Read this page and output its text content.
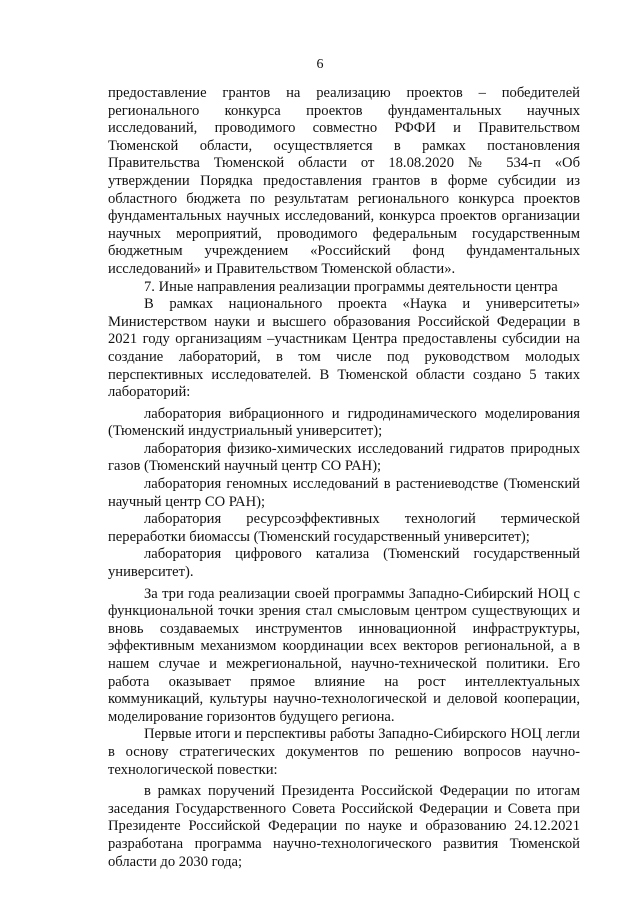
6

предоставление грантов на реализацию проектов – победителей регионального конкурса проектов фундаментальных научных исследований, проводимого совместно РФФИ и Правительством Тюменской области, осуществляется в рамках постановления Правительства Тюменской области от 18.08.2020 № 534-п «Об утверждении Порядка предоставления грантов в форме субсидии из областного бюджета по результатам регионального конкурса проектов фундаментальных научных исследований, конкурса проектов организации научных мероприятий, проводимого федеральным государственным бюджетным учреждением «Российский фонд фундаментальных исследований» и Правительством Тюменской области».

7. Иные направления реализации программы деятельности центра

В рамках национального проекта «Наука и университеты» Министерством науки и высшего образования Российской Федерации в 2021 году организациям –участникам Центра предоставлены субсидии на создание лабораторий, в том числе под руководством молодых перспективных исследователей. В Тюменской области создано 5 таких лабораторий:

лаборатория вибрационного и гидродинамического моделирования (Тюменский индустриальный университет);

лаборатория физико-химических исследований гидратов природных газов (Тюменский научный центр СО РАН);

лаборатория геномных исследований в растениеводстве (Тюменский научный центр СО РАН);

лаборатория ресурсоэффективных технологий термической переработки биомассы (Тюменский государственный университет);

лаборатория цифрового катализа (Тюменский государственный университет).

За три года реализации своей программы Западно-Сибирский НОЦ с функциональной точки зрения стал смысловым центром существующих и вновь создаваемых инструментов инновационной инфраструктуры, эффективным механизмом координации всех векторов региональной, а в нашем случае и межрегиональной, научно-технической политики. Его работа оказывает прямое влияние на рост интеллектуальных коммуникаций, культуры научно-технологической и деловой кооперации, моделирование горизонтов будущего региона.

Первые итоги и перспективы работы Западно-Сибирского НОЦ легли в основу стратегических документов по решению вопросов научно-технологической повестки:

в рамках поручений Президента Российской Федерации по итогам заседания Государственного Совета Российской Федерации и Совета при Президенте Российской Федерации по науке и образованию 24.12.2021 разработана программа научно-технологического развития Тюменской области до 2030 года;
